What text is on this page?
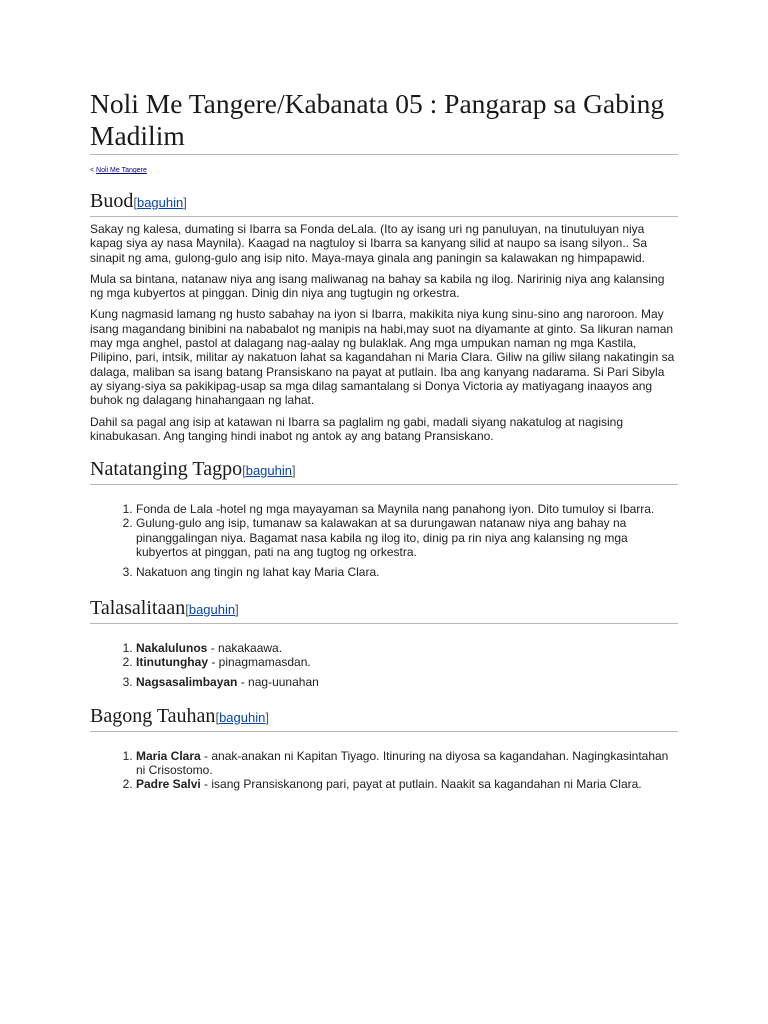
Noli Me Tangere/Kabanata 05 : Pangarap sa Gabing Madilim
< Noli Me Tangere
Buod[baguhin]

Sakay ng kalesa, dumating si Ibarra sa Fonda deLala. (Ito ay isang uri ng panuluyan, na tinutuluyan niya kapag siya ay nasa Maynila). Kaagad na nagtuloy si Ibarra sa kanyang silid at naupo sa isang silyon.. Sa sinapit ng ama, gulong-gulo ang isip nito. Maya-maya ginala ang paningin sa kalawakan ng himpapawid.

Mula sa bintana, natanaw niya ang isang maliwanag na bahay sa kabila ng ilog. Naririnig niya ang kalansing ng mga kubyertos at pinggan. Dinig din niya ang tugtugin ng orkestra.

Kung nagmasid lamang ng husto sabahay na iyon si Ibarra, makikita niya kung sinu-sino ang naroroon. May isang magandang binibini na nababalot ng manipis na habi,may suot na diyamante at ginto. Sa likuran naman may mga anghel, pastol at dalagang nag-aalay ng bulaklak. Ang mga umpukan naman ng mga Kastila, Pilipino, pari, intsik, militar ay nakatuon lahat sa kagandahan ni Maria Clara. Giliw na giliw silang nakatingin sa dalaga, maliban sa isang batang Pransiskano na payat at putlain. Iba ang kanyang nadarama. Si Pari Sibyla ay siyang-siya sa pakikipag-usap sa mga dilag samantalang si Donya Victoria ay matiyagang inaayos ang buhok ng dalagang hinahangaan ng lahat.

Dahil sa pagal ang isip at katawan ni Ibarra sa paglalim ng gabi, madali siyang nakatulog at nagising kinabukasan. Ang tanging hindi inabot ng antok ay ang batang Pransiskano.

Natatanging Tagpo[baguhin]
1. Fonda de Lala -hotel ng mga mayayaman sa Maynila nang panahong iyon. Dito tumuloy si Ibarra.
2. Gulung-gulo ang isip, tumanaw sa kalawakan at sa durungawan natanaw niya ang bahay na pinanggalingan niya. Bagamat nasa kabila ng ilog ito, dinig pa rin niya ang kalansing ng mga kubyertos at pinggan, pati na ang tugtog ng orkestra.
3. Nakatuon ang tingin ng lahat kay Maria Clara.
Talasalitaan[baguhin]
1. Nakalulunos - nakakaawa.
2. Itinutunghay - pinagmamasdan.
3. Nagsasalimbayan - nag-uunahan
Bagong Tauhan[baguhin]
1. Maria Clara - anak-anakan ni Kapitan Tiyago. Itinuring na diyosa sa kagandahan. Nagingkasintahan ni Crisostomo.
2. Padre Salvi - isang Pransiskanong pari, payat at putlain. Naakit sa kagandahan ni Maria Clara.
